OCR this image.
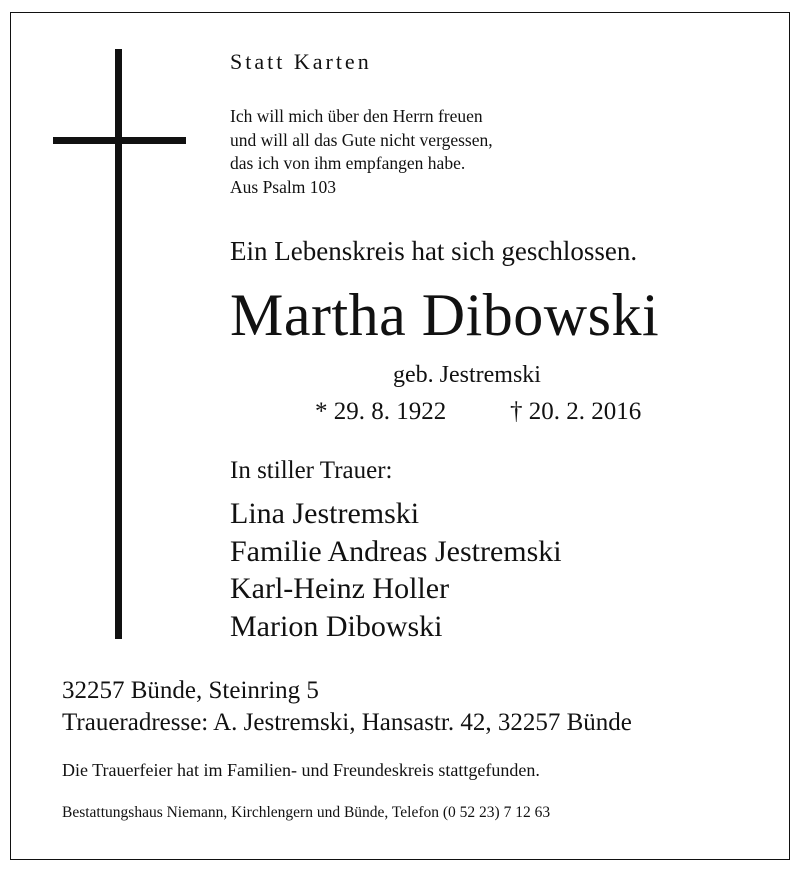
Statt Karten
Ich will mich über den Herrn freuen
und will all das Gute nicht vergessen,
das ich von ihm empfangen habe.
Aus Psalm 103
Ein Lebenskreis hat sich geschlossen.
Martha Dibowski
geb. Jestremski
* 29. 8. 1922	† 20. 2. 2016
In stiller Trauer:
Lina Jestremski
Familie Andreas Jestremski
Karl-Heinz Holler
Marion Dibowski
32257 Bünde, Steinring 5
Traueradresse: A. Jestremski, Hansastr. 42, 32257 Bünde
Die Trauerfeier hat im Familien- und Freundeskreis stattgefunden.
Bestattungshaus Niemann, Kirchlengern und Bünde, Telefon (0 52 23) 7 12 63
